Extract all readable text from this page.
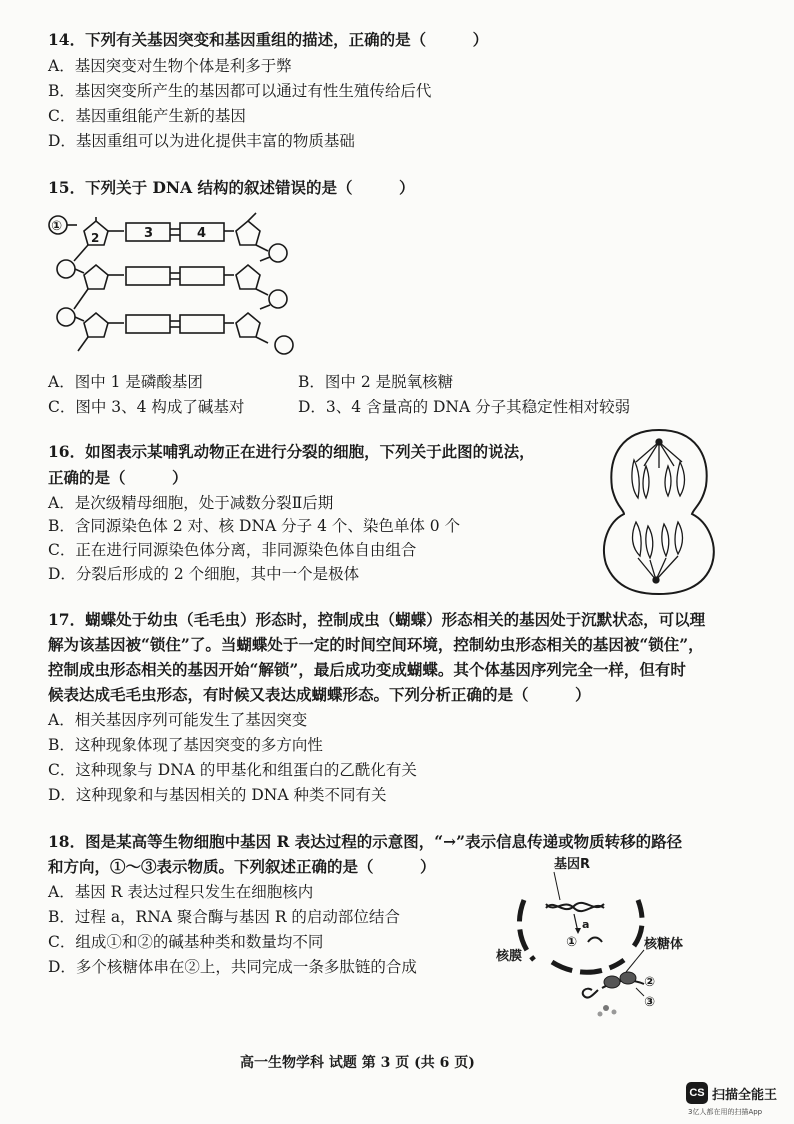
14．下列有关基因突变和基因重组的描述，正确的是（　　　）
A．基因突变对生物个体是利多于弊
B．基因突变所产生的基因都可以通过有性生殖传给后代
C．基因重组能产生新的基因
D．基因重组可以为进化提供丰富的物质基础
15．下列关于 DNA 结构的叙述错误的是（　　　）
①
2	3	4
A．图中 1 是磷酸基团	B．图中 2 是脱氧核糖
C．图中 3、4 构成了碱基对	D．3、4 含量高的 DNA 分子其稳定性相对较弱
16．如图表示某哺乳动物正在进行分裂的细胞，下列关于此图的说法，
正确的是（　　　）
A．是次级精母细胞，处于减数分裂Ⅱ后期
B．含同源染色体 2 对、核 DNA 分子 4 个、染色单体 0 个
C．正在进行同源染色体分离，非同源染色体自由组合
D．分裂后形成的 2 个细胞，其中一个是极体
17．蝴蝶处于幼虫（毛毛虫）形态时，控制成虫（蝴蝶）形态相关的基因处于沉默状态，可以理
解为该基因被“锁住”了。当蝴蝶处于一定的时间空间环境，控制幼虫形态相关的基因被“锁住”，
控制成虫形态相关的基因开始“解锁”，最后成功变成蝴蝶。其个体基因序列完全一样，但有时
候表达成毛毛虫形态，有时候又表达成蝴蝶形态。下列分析正确的是（　　　）
A．相关基因序列可能发生了基因突变
B．这种现象体现了基因突变的多方向性
C．这种现象与 DNA 的甲基化和组蛋白的乙酰化有关
D．这种现象和与基因相关的 DNA 种类不同有关
18．图是某高等生物细胞中基因 R 表达过程的示意图，“→”表示信息传递或物质转移的路径
和方向，①～③表示物质。下列叙述正确的是（　　　）
A．基因 R 表达过程只发生在细胞核内
B．过程 a，RNA 聚合酶与基因 R 的启动部位结合
C．组成①和②的碱基种类和数量均不同
D．多个核糖体串在②上，共同完成一条多肽链的合成
基因R
a
①
②
③
核膜
核糖体
高一生物学科 试题 第 3 页 (共 6 页)
CS 扫描全能王
3亿人都在用的扫描App
